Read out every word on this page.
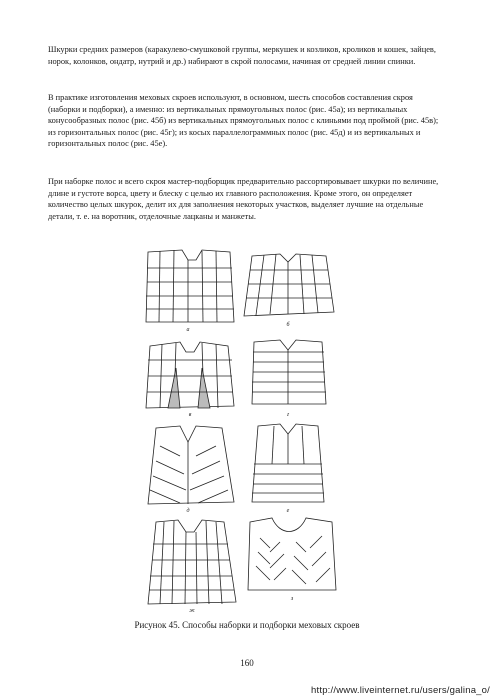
Шкурки средних размеров (каракулево-смушковой группы, меркушек и козликов, кроликов и кошек, зайцев, норок, колонков, ондатр, нутрий и др.) набирают в скрой полосами, начиная от средней линии спинки.

В практике изготовления меховых скроев используют, в основном, шесть способов составления скроя (наборки и подборки), а именно: из вертикальных прямоугольных полос (рис. 45а); из вертикальных конусообразных полос (рис. 45б) из вертикальных прямоугольных полос с клиньями под проймой (рис. 45в); из горизонтальных полос (рис. 45г); из косых параллелограммных полос (рис. 45д) и из вертикальных и горизонтальных полос (рис. 45е).

При наборке полос и всего скроя мастер-подборщик предварительно рассортировывает шкурки по величине, длине и густоте ворса, цвету и блеску с целью их главного расположения. Кроме этого, он определяет количество целых шкурок, делит их для заполнения некоторых участков, выделяет лучшие на отдельные детали, т. е. на воротник, отделочные лацканы и манжеты.

а
б
в	г
д	е
ж
з
Рисунок 45. Способы наборки и подборки меховых скроев
160
http://www.liveinternet.ru/users/galina_o/
